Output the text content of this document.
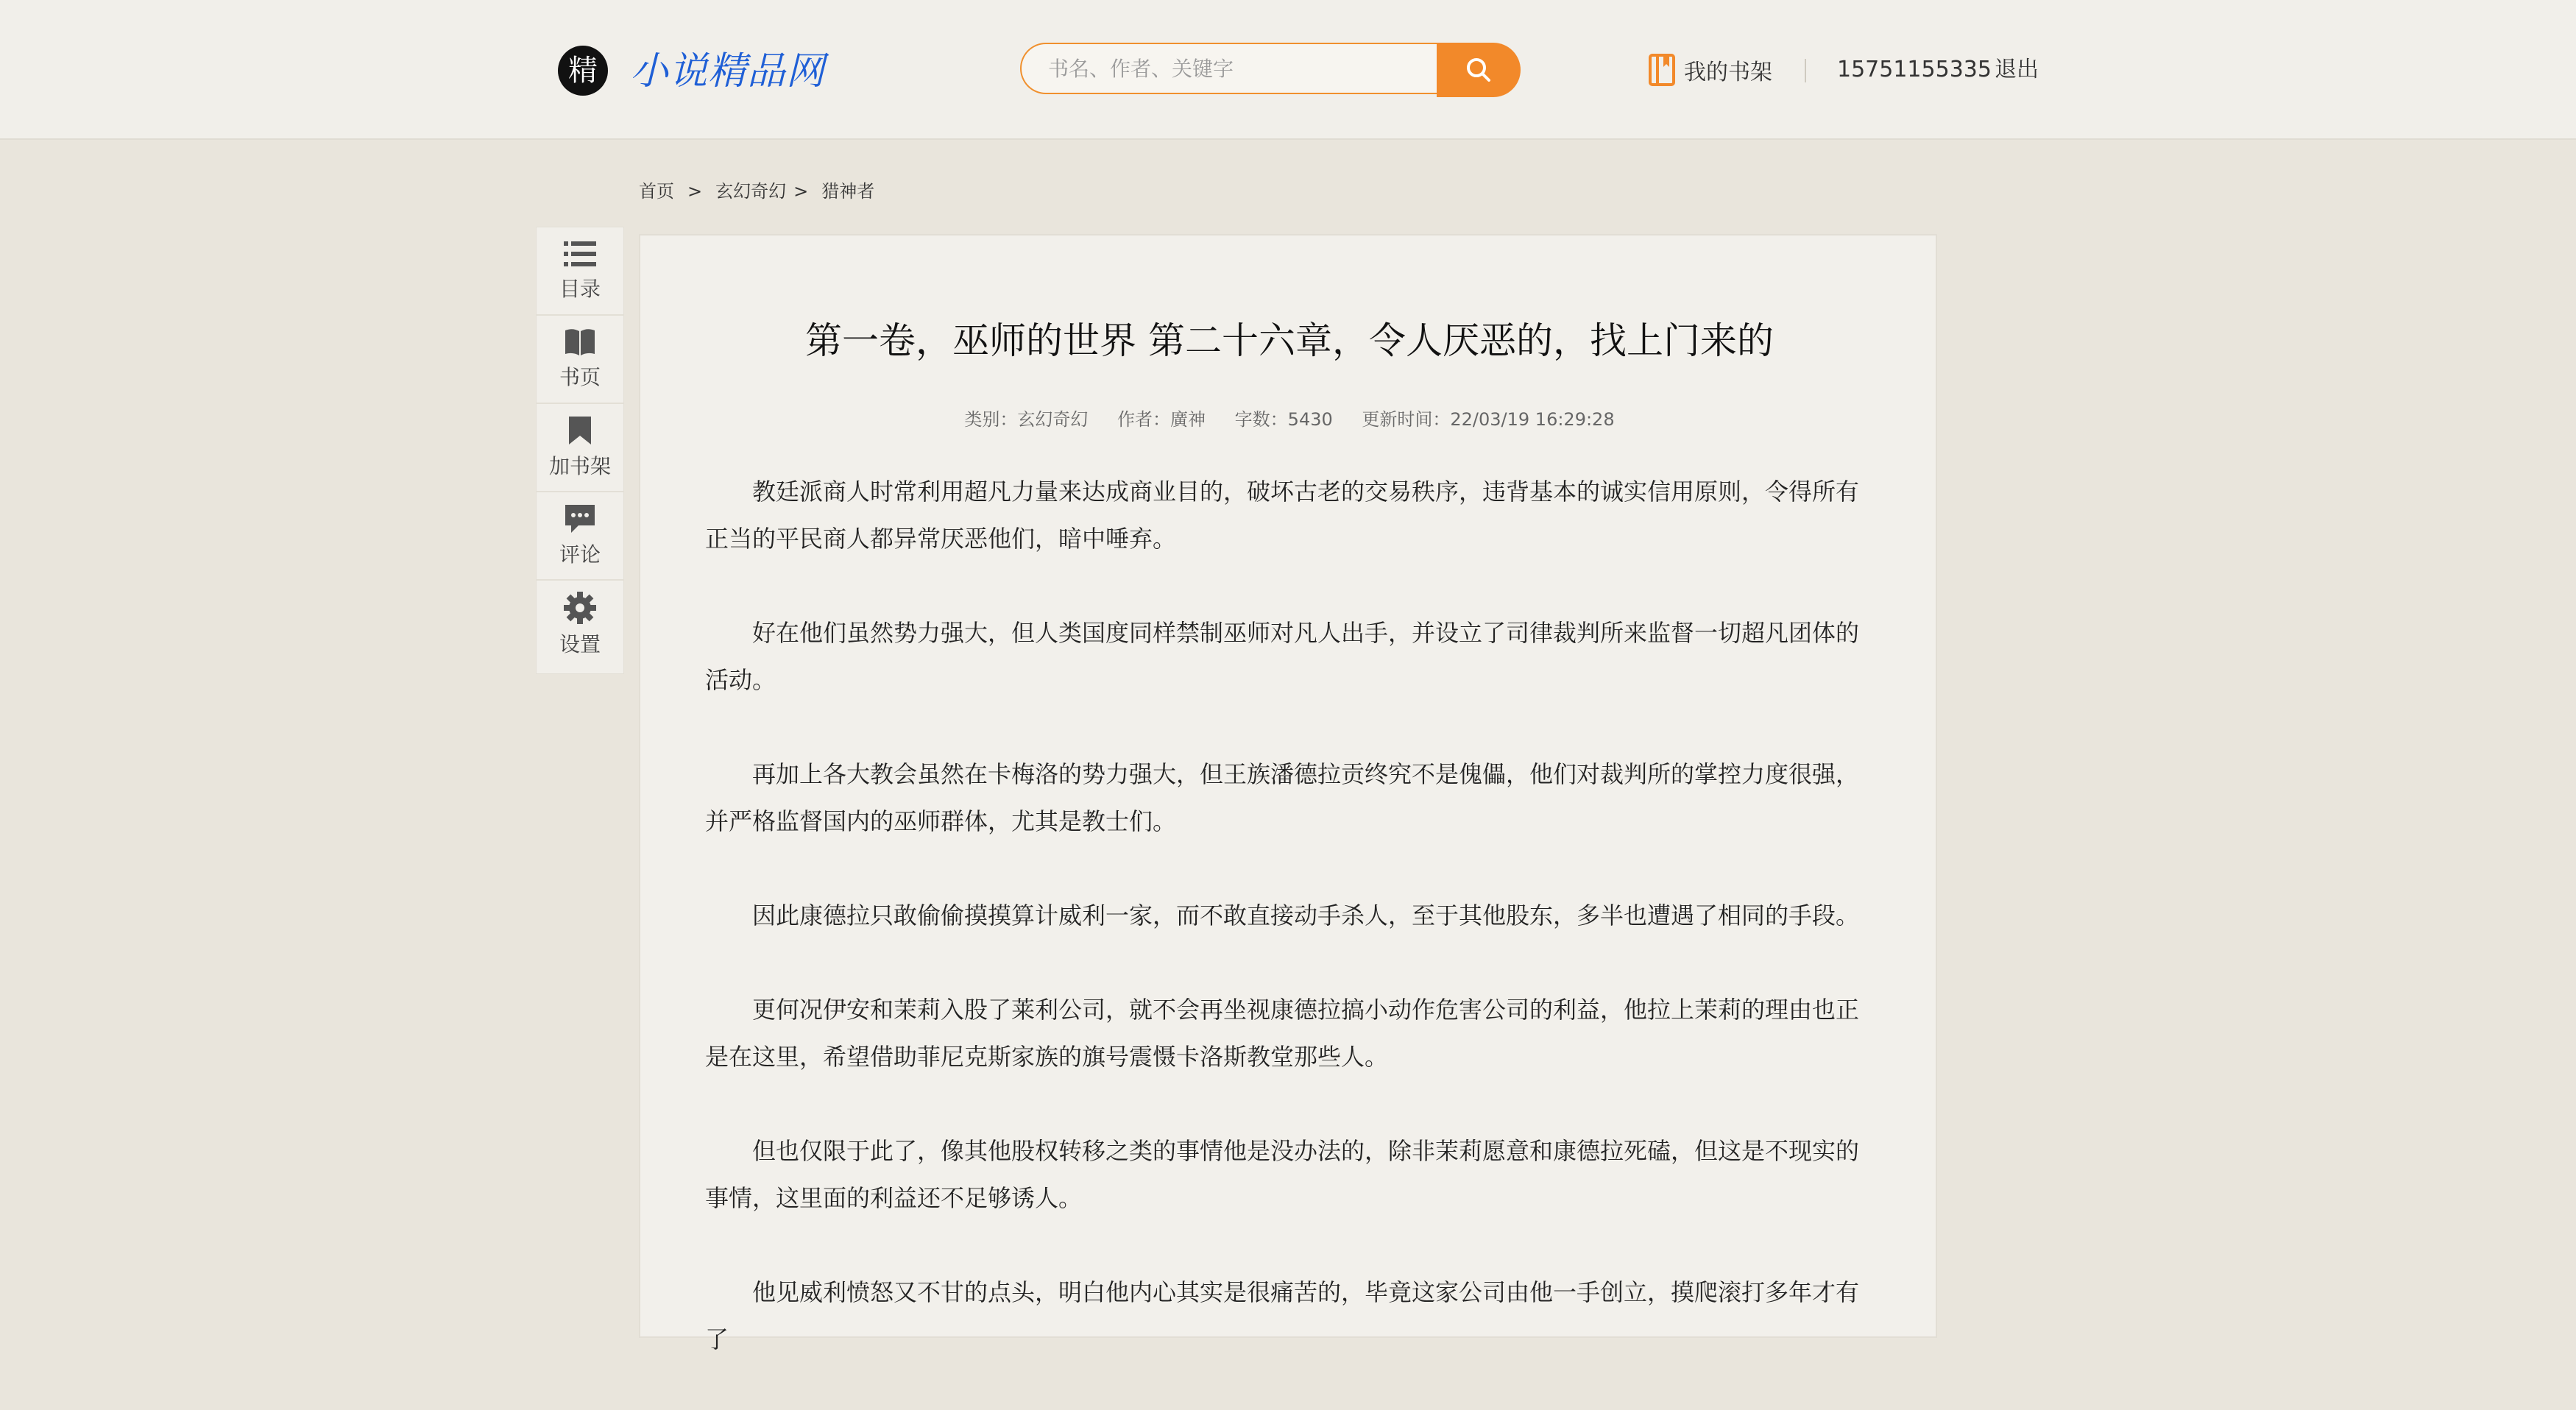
精 小说精品网
书名、作者、关键字	我的书架	15751155335 退出
首页 > 玄幻奇幻 > 猎神者
目录
书页
加书架
评论
设置
第一卷，巫师的世界 第二十六章，令人厌恶的，找上门来的
类别：玄幻奇幻 作者：廣神 字数：5430 更新时间：22/03/19 16:29:28

教廷派商人时常利用超凡力量来达成商业目的，破坏古老的交易秩序，违背基本的诚实信用原则，令得所有正当的平民商人都异常厌恶他们，暗中唾弃。

好在他们虽然势力强大，但人类国度同样禁制巫师对凡人出手，并设立了司律裁判所来监督一切超凡团体的活动。

再加上各大教会虽然在卡梅洛的势力强大，但王族潘德拉贡终究不是傀儡，他们对裁判所的掌控力度很强，并严格监督国内的巫师群体，尤其是教士们。

因此康德拉只敢偷偷摸摸算计威利一家，而不敢直接动手杀人，至于其他股东，多半也遭遇了相同的手段。

更何况伊安和茉莉入股了莱利公司，就不会再坐视康德拉搞小动作危害公司的利益，他拉上茉莉的理由也正是在这里，希望借助菲尼克斯家族的旗号震慑卡洛斯教堂那些人。

但也仅限于此了，像其他股权转移之类的事情他是没办法的，除非茉莉愿意和康德拉死磕，但这是不现实的事情，这里面的利益还不足够诱人。

他见威利愤怒又不甘的点头，明白他内心其实是很痛苦的，毕竟这家公司由他一手创立，摸爬滚打多年才有了
